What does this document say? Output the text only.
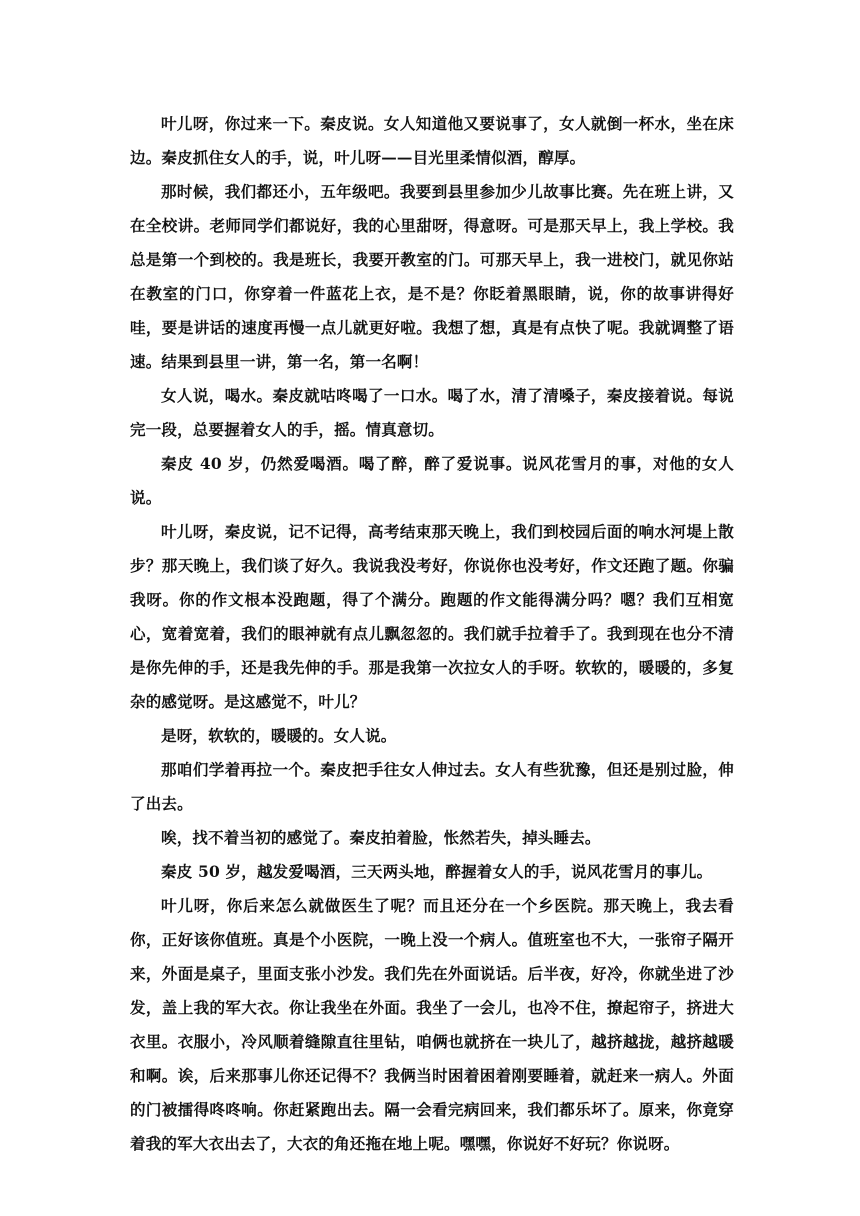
叶儿呀，你过来一下。秦皮说。女人知道他又要说事了，女人就倒一杯水，坐在床边。秦皮抓住女人的手，说，叶儿呀——目光里柔情似酒，醇厚。

那时候，我们都还小，五年级吧。我要到县里参加少儿故事比赛。先在班上讲，又在全校讲。老师同学们都说好，我的心里甜呀，得意呀。可是那天早上，我上学校。我总是第一个到校的。我是班长，我要开教室的门。可那天早上，我一进校门，就见你站在教室的门口，你穿着一件蓝花上衣，是不是？你眨着黑眼睛，说，你的故事讲得好哇，要是讲话的速度再慢一点儿就更好啦。我想了想，真是有点快了呢。我就调整了语速。结果到县里一讲，第一名，第一名啊！

女人说，喝水。秦皮就咕咚喝了一口水。喝了水，清了清嗓子，秦皮接着说。每说完一段，总要握着女人的手，摇。情真意切。

秦皮 40 岁，仍然爱喝酒。喝了醉，醉了爱说事。说风花雪月的事，对他的女人说。

叶儿呀，秦皮说，记不记得，高考结束那天晚上，我们到校园后面的响水河堤上散步？那天晚上，我们谈了好久。我说我没考好，你说你也没考好，作文还跑了题。你骗我呀。你的作文根本没跑题，得了个满分。跑题的作文能得满分吗？嗯？我们互相宽心，宽着宽着，我们的眼神就有点儿飘忽忽的。我们就手拉着手了。我到现在也分不清是你先伸的手，还是我先伸的手。那是我第一次拉女人的手呀。软软的，暖暖的，多复杂的感觉呀。是这感觉不，叶儿？

是呀，软软的，暖暖的。女人说。

那咱们学着再拉一个。秦皮把手往女人伸过去。女人有些犹豫，但还是别过脸，伸了出去。

唉，找不着当初的感觉了。秦皮拍着脸，怅然若失，掉头睡去。

秦皮 50 岁，越发爱喝酒，三天两头地，醉握着女人的手，说风花雪月的事儿。

叶儿呀，你后来怎么就做医生了呢？而且还分在一个乡医院。那天晚上，我去看你，正好该你值班。真是个小医院，一晚上没一个病人。值班室也不大，一张帘子隔开来，外面是桌子，里面支张小沙发。我们先在外面说话。后半夜，好冷，你就坐进了沙发，盖上我的军大衣。你让我坐在外面。我坐了一会儿，也冷不住，撩起帘子，挤进大衣里。衣服小，冷风顺着缝隙直往里钻，咱俩也就挤在一块儿了，越挤越拢，越挤越暖和啊。诶，后来那事儿你还记得不？我俩当时困着困着刚要睡着，就赶来一病人。外面的门被擂得咚咚响。你赶紧跑出去。隔一会看完病回来，我们都乐坏了。原来，你竟穿着我的军大衣出去了，大衣的角还拖在地上呢。嘿嘿，你说好不好玩？你说呀。
